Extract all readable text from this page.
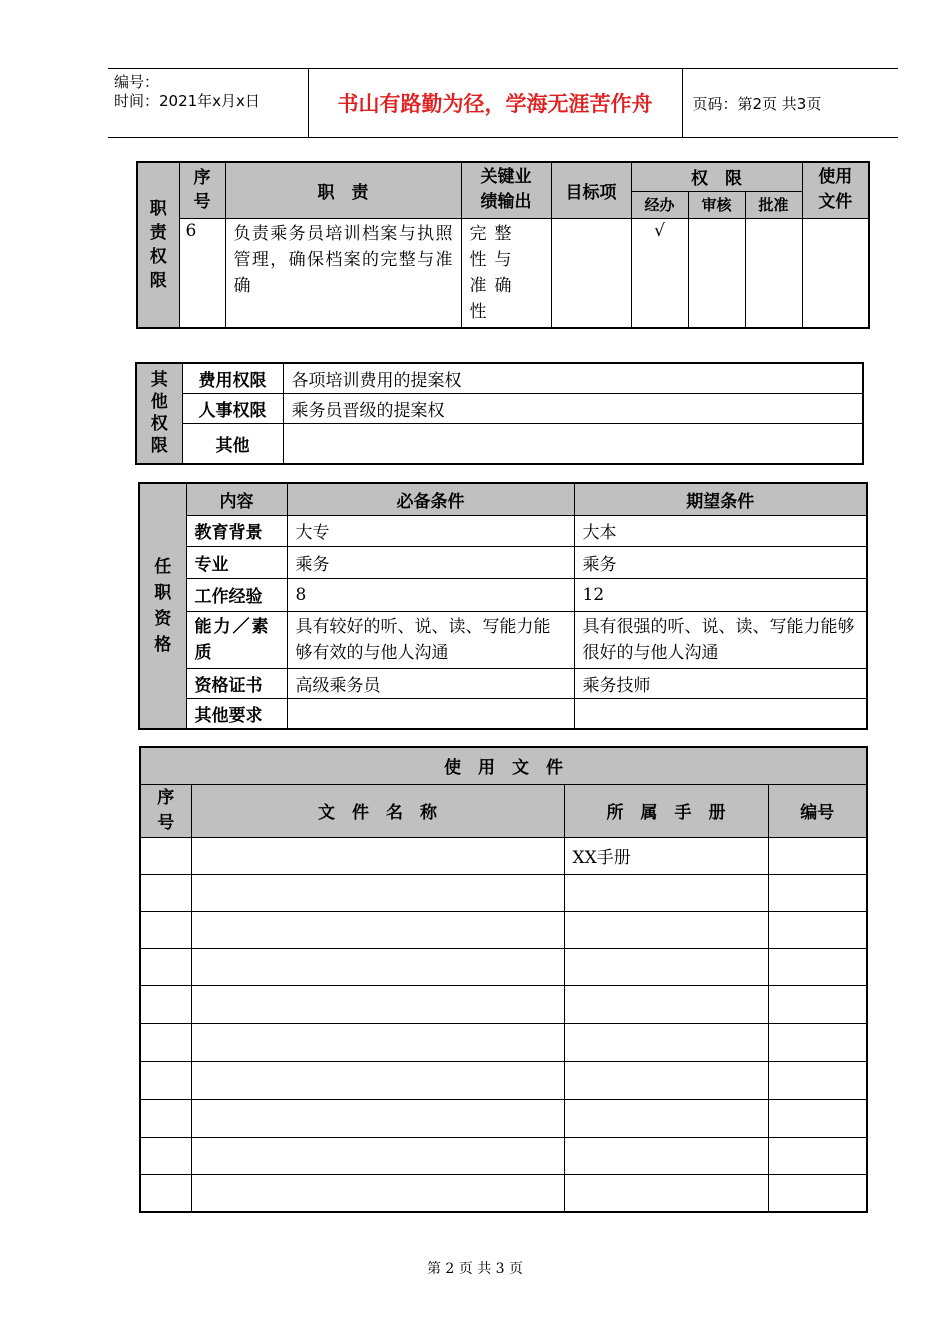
编号：
时间：2021年x月x日	书山有路勤为径，学海无涯苦作舟	页码：第2页 共3页
职责权限	序号	职　责	关键业绩输出	目标项	权　限			使用文件
					经办	审核	批准	
	6	负责乘务员培训档案与执照管理，确保档案的完整与准确	完整性与准确性		√			
其他权限	费用权限	各项培训费用的提案权
	人事权限	乘务员晋级的提案权
	其他	
任职资格	内容	必备条件	期望条件
	教育背景	大专	大本
	专业	乘务	乘务
	工作经验	8	12
	能力／素质	具有较好的听、说、读、写能力能够有效的与他人沟通	具有很强的听、说、读、写能力能够很好的与他人沟通
	资格证书	高级乘务员	乘务技师
	其他要求		
使　用　文　件			
序号	文　件　名　称	所　属　手　册	编号
		XX手册	

第 2 页 共 3 页
